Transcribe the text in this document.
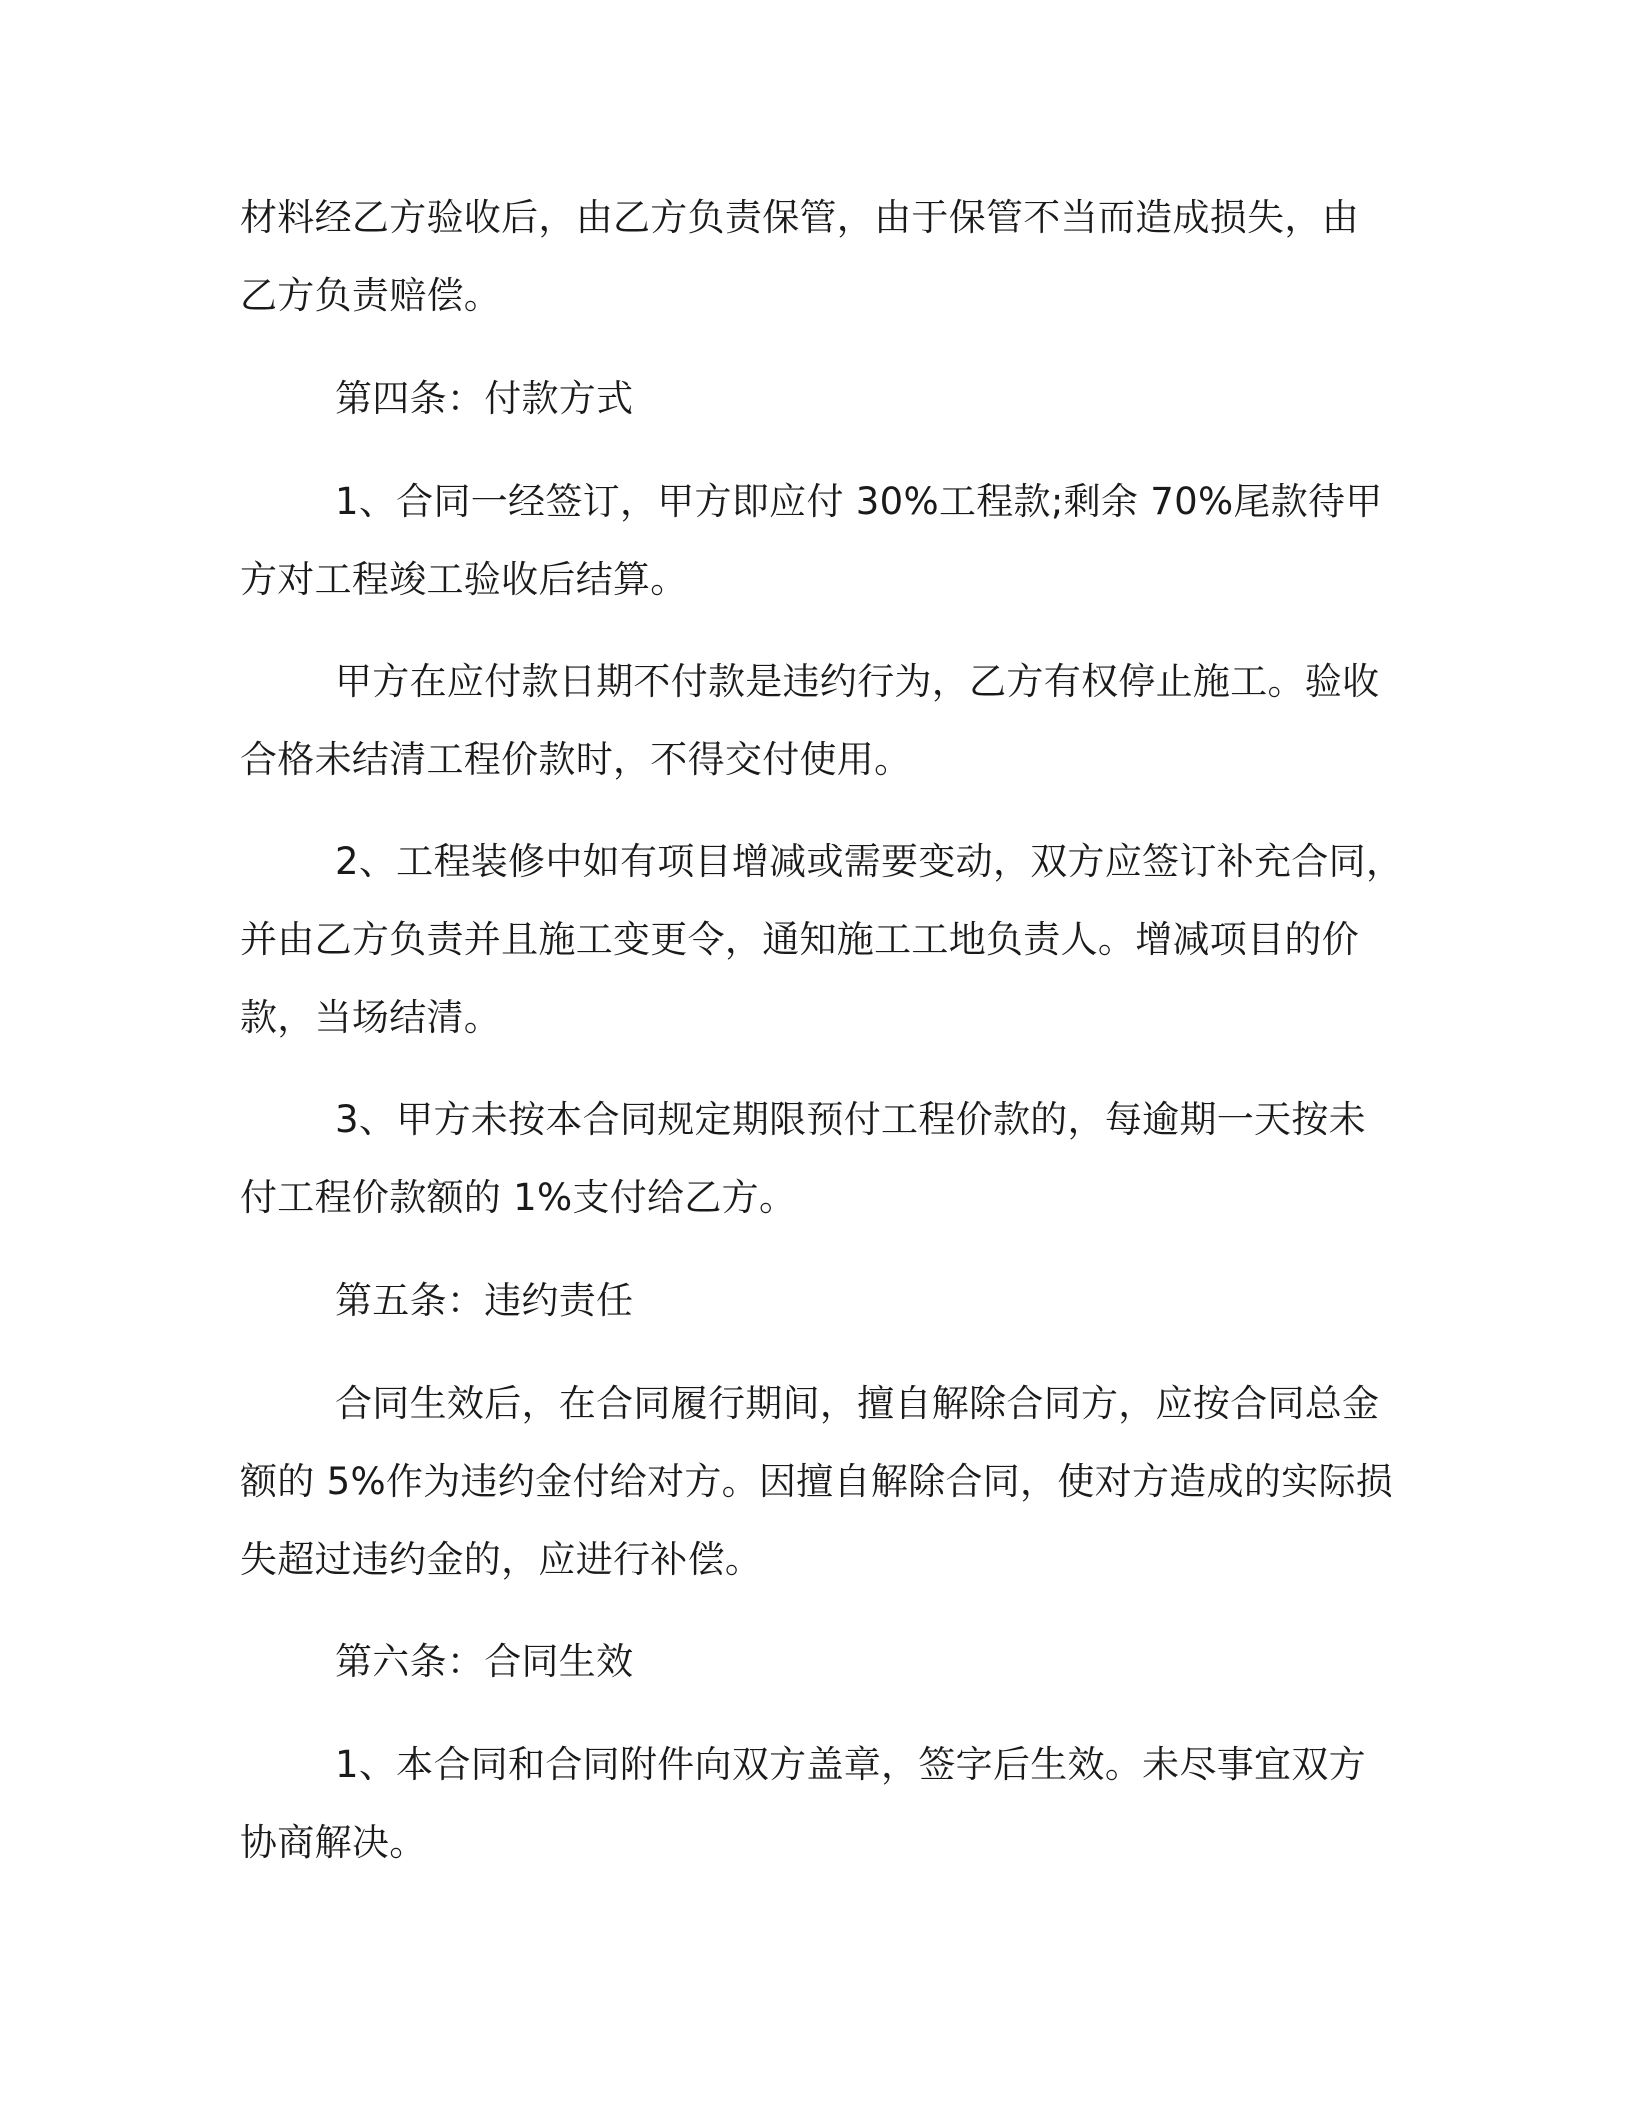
材料经乙方验收后，由乙方负责保管，由于保管不当而造成损失，由
乙方负责赔偿。
第四条：付款方式
1、合同一经签订，甲方即应付 30%工程款;剩余 70%尾款待甲
方对工程竣工验收后结算。
甲方在应付款日期不付款是违约行为，乙方有权停止施工。验收
合格未结清工程价款时，不得交付使用。
2、工程装修中如有项目增减或需要变动，双方应签订补充合同，
并由乙方负责并且施工变更令，通知施工工地负责人。增减项目的价
款，当场结清。
3、甲方未按本合同规定期限预付工程价款的，每逾期一天按未
付工程价款额的 1%支付给乙方。
第五条：违约责任
合同生效后，在合同履行期间，擅自解除合同方，应按合同总金
额的 5%作为违约金付给对方。因擅自解除合同，使对方造成的实际损
失超过违约金的，应进行补偿。
第六条：合同生效
1、本合同和合同附件向双方盖章，签字后生效。未尽事宜双方
协商解决。
